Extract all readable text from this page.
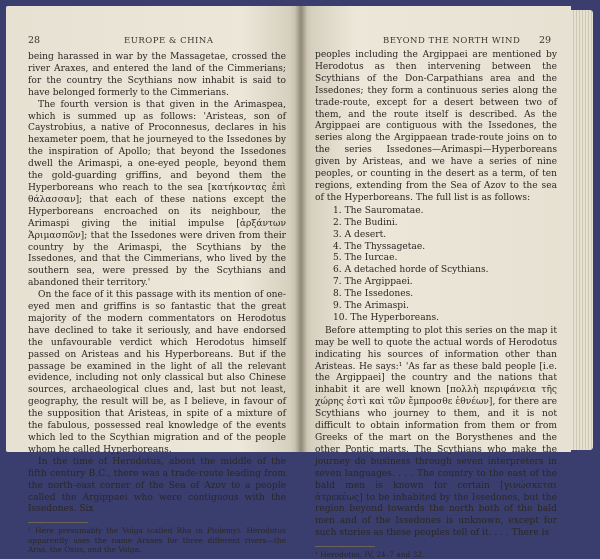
28	EUROPE & CHINA

being harassed in war by the Massagetae, crossed the river Araxes, and entered the land of the Cimmerians; for the country the Scythians now inhabit is said to have belonged formerly to the Cimmerians.

The fourth version is that given in the Arimaspea, which is summed up as follows: 'Aristeas, son of Caystrobius, a native of Proconnesus, declares in his hexameter poem, that he journeyed to the Issedones by the inspiration of Apollo; that beyond the Issedones dwell the Arimaspi, a one-eyed people, beyond them the gold-guarding griffins, and beyond them the Hyperboreans who reach to the sea [κατήκοντας ἐπὶ θάλασσαν]; that each of these nations except the Hyperboreans encroached on its neighbour, the Arimaspi giving the initial impulse [ἀρξάντων Ἀριμασπῶν]; that the Issedones were driven from their country by the Arimaspi, the Scythians by the Issedones, and that the Cimmerians, who lived by the southern sea, were pressed by the Scythians and abandoned their territory.'

On the face of it this passage with its mention of one-eyed men and griffins is so fantastic that the great majority of the modern commentators on Herodotus have declined to take it seriously, and have endorsed the unfavourable verdict which Herodotus himself passed on Aristeas and his Hyperboreans. But if the passage be examined in the light of all the relevant evidence, including not only classical but also Chinese sources, archaeological clues and, last but not least, geography, the result will be, as I believe, in favour of the supposition that Aristeas, in spite of a mixture of the fabulous, possessed real knowledge of the events which led to the Scythian migration and of the people whom he called Hyperboreans.

In the time of Herodotus, about the middle of the fifth century B.C., there was a trade-route leading from the north-east corner of the Sea of Azov to a people called the Argippaei who were contiguous with the Issedones. Six

¹ Here presumably the Volga (called Rha in Ptolemy). Herodotus apparently uses the name Araxes for three different rivers—the Aras, the Oxus, and the Volga.
BEYOND THE NORTH WIND 29

peoples including the Argippaei are mentioned by Herodotus as then intervening between the Scythians of the Don-Carpathians area and the Issedones; they form a continuous series along the trade-route, except for a desert between two of them, and the route itself is described. As the Argippaei are contiguous with the Issedones, the series along the Argippaean trade-route joins on to the series Issedones—Arimaspi—Hyperboreans given by Aristeas, and we have a series of nine peoples, or counting in the desert as a term, of ten regions, extending from the Sea of Azov to the sea of the Hyperboreans. The full list is as follows:

1. The Sauromatae.
2. The Budini.
3. A desert.
4. The Thyssagetae.
5. The Iurcae.
6. A detached horde of Scythians.
7. The Argippaei.
8. The Issedones.
9. The Arimaspi.
10. The Hyperboreans.

Before attempting to plot this series on the map it may be well to quote the actual words of Herodotus indicating his sources of information other than Aristeas. He says:¹ 'As far as these bald people [i.e. the Argippaei] the country and the nations that inhabit it are well known [πολλὴ περιφάνεια τῆς χώρης ἐστὶ καὶ τῶν ἔμπροσθε ἐθνέων], for there are Scythians who journey to them, and it is not difficult to obtain information from them or from Greeks of the mart on the Borysthenes and the other Pontic marts. The Scythians who make the journey do business through seven interpreters in seven languages. . . . The country to the east of the bald men is known for certain [γινώσκεται ἀτρεκέως] to be inhabited by the Issedones, but the region beyond towards the north both of the bald men and of the Issedones is unknown, except for such stories as these peoples tell of it. . . . There is

¹ Herodotus, IV, 24–7 and 32.
